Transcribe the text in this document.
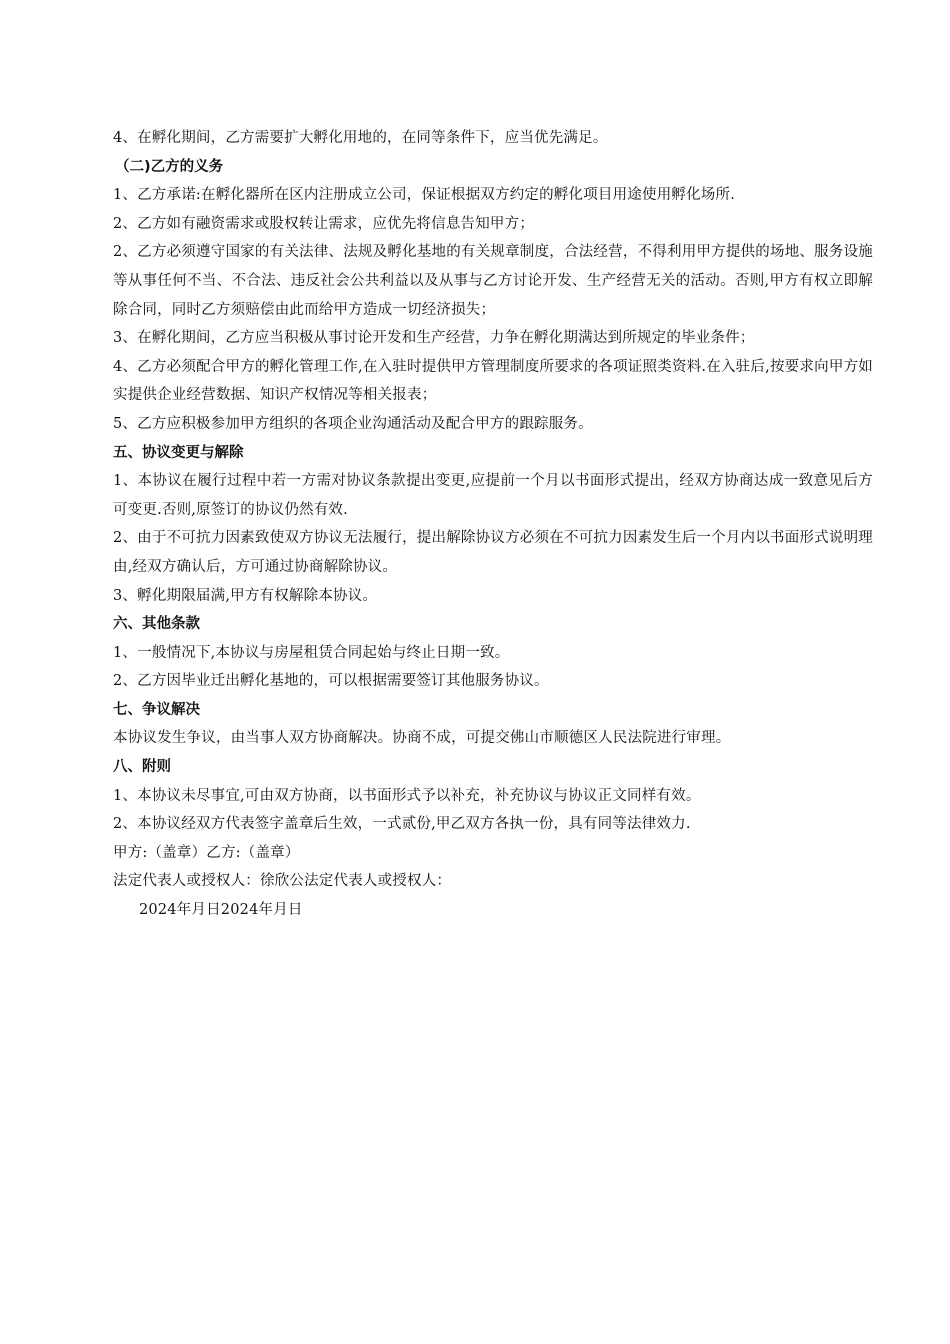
4、在孵化期间，乙方需要扩大孵化用地的，在同等条件下，应当优先满足。
（二)乙方的义务
1、乙方承诺:在孵化器所在区内注册成立公司，保证根据双方约定的孵化项目用途使用孵化场所.
2、乙方如有融资需求或股权转让需求，应优先将信息告知甲方；
2、乙方必须遵守国家的有关法律、法规及孵化基地的有关规章制度，合法经营，不得利用甲方提供的场地、服务设施等从事任何不当、不合法、违反社会公共利益以及从事与乙方讨论开发、生产经营无关的活动。否则,甲方有权立即解除合同，同时乙方须赔偿由此而给甲方造成一切经济损失；
3、在孵化期间，乙方应当积极从事讨论开发和生产经营，力争在孵化期满达到所规定的毕业条件；
4、乙方必须配合甲方的孵化管理工作,在入驻时提供甲方管理制度所要求的各项证照类资料.在入驻后,按要求向甲方如实提供企业经营数据、知识产权情况等相关报表；
5、乙方应积极参加甲方组织的各项企业沟通活动及配合甲方的跟踪服务。
五、协议变更与解除
1、本协议在履行过程中若一方需对协议条款提出变更,应提前一个月以书面形式提出，经双方协商达成一致意见后方可变更.否则,原签订的协议仍然有效.
2、由于不可抗力因素致使双方协议无法履行，提出解除协议方必须在不可抗力因素发生后一个月内以书面形式说明理由,经双方确认后，方可通过协商解除协议。
3、孵化期限届满,甲方有权解除本协议。
六、其他条款
1、一般情况下,本协议与房屋租赁合同起始与终止日期一致。
2、乙方因毕业迁出孵化基地的，可以根据需要签订其他服务协议。
七、争议解决
本协议发生争议，由当事人双方协商解决。协商不成，可提交佛山市顺德区人民法院进行审理。
八、附则
1、本协议未尽事宜,可由双方协商，以书面形式予以补充，补充协议与协议正文同样有效。
2、本协议经双方代表签字盖章后生效，一式贰份,甲乙双方各执一份，具有同等法律效力.
甲方:（盖章）乙方:（盖章）
法定代表人或授权人：徐欣公法定代表人或授权人：
2024年月日2024年月日
